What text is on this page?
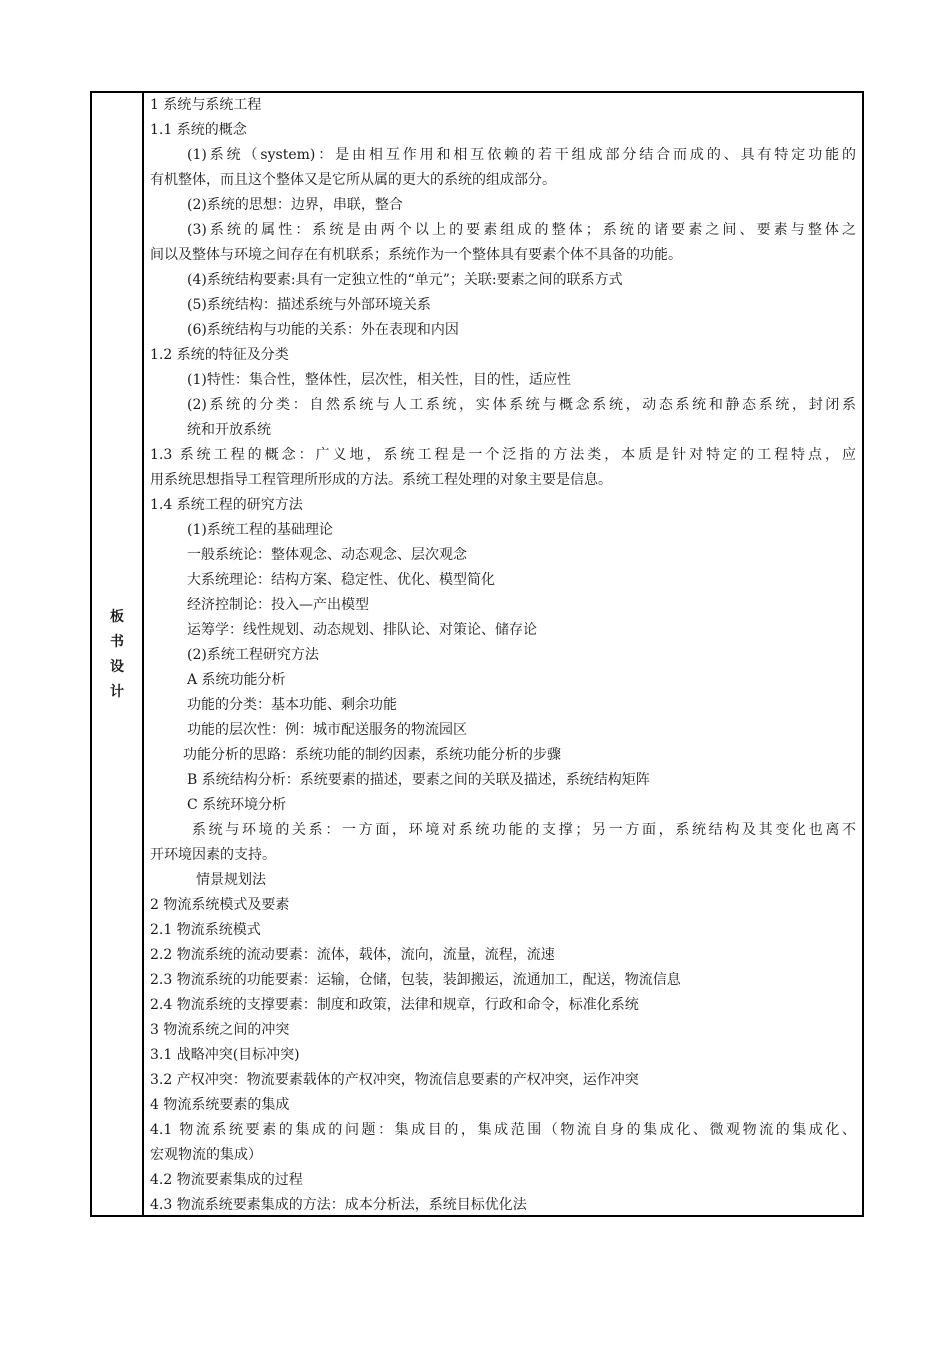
板
书
设
计
1 系统与系统工程
1.1 系统的概念
(1)系统（system)：是由相互作用和相互依赖的若干组成部分结合而成的、具有特定功能的
有机整体，而且这个整体又是它所从属的更大的系统的组成部分。
(2)系统的思想：边界，串联，整合
(3)系统的属性：系统是由两个以上的要素组成的整体；系统的诸要素之间、要素与整体之
间以及整体与环境之间存在有机联系；系统作为一个整体具有要素个体不具备的功能。
(4)系统结构要素:具有一定独立性的“单元”；关联:要素之间的联系方式
(5)系统结构：描述系统与外部环境关系
(6)系统结构与功能的关系：外在表现和内因
1.2 系统的特征及分类
(1)特性：集合性，整体性，层次性，相关性，目的性，适应性
(2)系统的分类：自然系统与人工系统，实体系统与概念系统，动态系统和静态系统，封闭系
统和开放系统
1.3 系统工程的概念：广义地，系统工程是一个泛指的方法类，本质是针对特定的工程特点，应
用系统思想指导工程管理所形成的方法。系统工程处理的对象主要是信息。
1.4 系统工程的研究方法
(1)系统工程的基础理论
一般系统论：整体观念、动态观念、层次观念
大系统理论：结构方案、稳定性、优化、模型简化
经济控制论：投入—产出模型
运筹学：线性规划、动态规划、排队论、对策论、储存论
(2)系统工程研究方法
A 系统功能分析
功能的分类：基本功能、剩余功能
功能的层次性：例：城市配送服务的物流园区
功能分析的思路：系统功能的制约因素，系统功能分析的步骤
B 系统结构分析：系统要素的描述，要素之间的关联及描述，系统结构矩阵
C 系统环境分析
系统与环境的关系：一方面，环境对系统功能的支撑；另一方面，系统结构及其变化也离不
开环境因素的支持。
情景规划法
2 物流系统模式及要素
2.1 物流系统模式
2.2 物流系统的流动要素：流体，载体，流向，流量，流程，流速
2.3 物流系统的功能要素：运输，仓储，包装，装卸搬运，流通加工，配送，物流信息
2.4 物流系统的支撑要素：制度和政策，法律和规章，行政和命令，标准化系统
3 物流系统之间的冲突
3.1 战略冲突(目标冲突)
3.2 产权冲突：物流要素载体的产权冲突，物流信息要素的产权冲突，运作冲突
4 物流系统要素的集成
4.1 物流系统要素的集成的问题：集成目的，集成范围（物流自身的集成化、微观物流的集成化、
宏观物流的集成）
4.2 物流要素集成的过程
4.3 物流系统要素集成的方法：成本分析法，系统目标优化法
